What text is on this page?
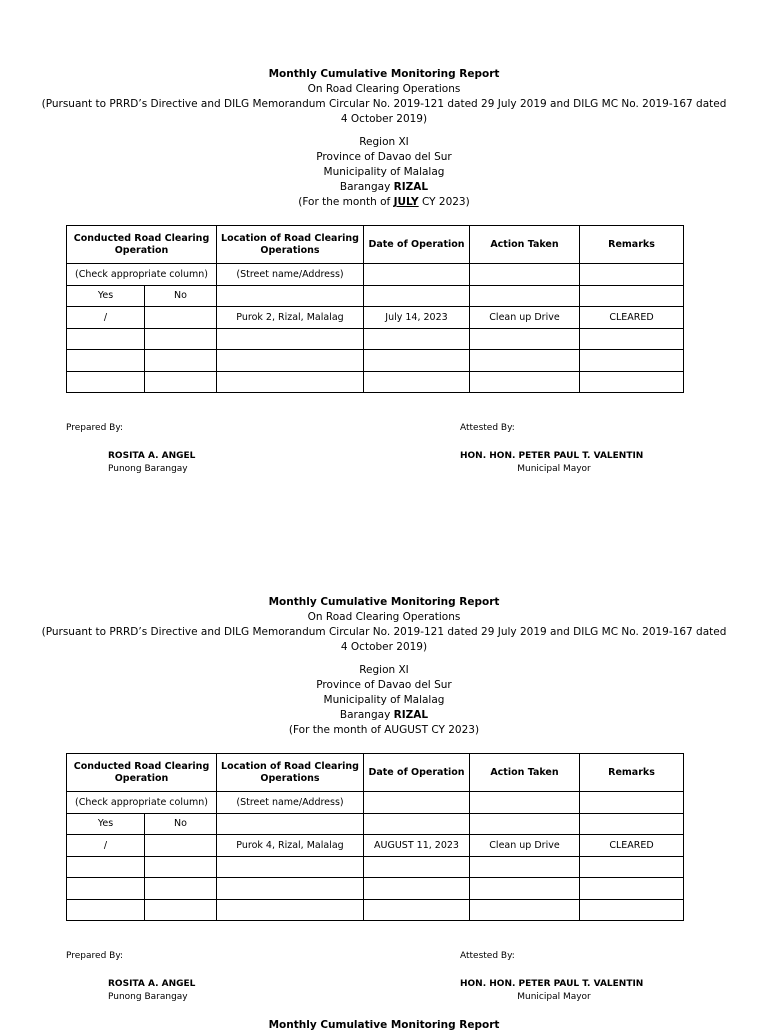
Monthly Cumulative Monitoring Report
On Road Clearing Operations
(Pursuant to PRRD’s Directive and DILG Memorandum Circular No. 2019-121 dated 29 July 2019 and DILG MC No. 2019-167 dated
4 October 2019)
Region XI
Province of Davao del Sur
Municipality of Malalag
Barangay RIZAL
(For the month of JULY CY 2023)
Conducted Road Clearing Operation		Location of Road Clearing Operations	Date of Operation	Action Taken	Remarks
(Check appropriate column)		(Street name/Address)			
Yes	No				
/		Purok 2, Rizal, Malalag	July 14, 2023	Clean up Drive	CLEARED

Prepared By:
ROSITA A. ANGEL
Punong Barangay
Attested By:
HON. HON. PETER PAUL T. VALENTIN
Municipal Mayor
Monthly Cumulative Monitoring Report
On Road Clearing Operations
(Pursuant to PRRD’s Directive and DILG Memorandum Circular No. 2019-121 dated 29 July 2019 and DILG MC No. 2019-167 dated
4 October 2019)
Region XI
Province of Davao del Sur
Municipality of Malalag
Barangay RIZAL
(For the month of AUGUST CY 2023)
Conducted Road Clearing Operation		Location of Road Clearing Operations	Date of Operation	Action Taken	Remarks
(Check appropriate column)		(Street name/Address)			
Yes	No				
/		Purok 4, Rizal, Malalag	AUGUST 11, 2023	Clean up Drive	CLEARED

Prepared By:
ROSITA A. ANGEL
Punong Barangay
Attested By:
HON. HON. PETER PAUL T. VALENTIN
Municipal Mayor
Monthly Cumulative Monitoring Report
